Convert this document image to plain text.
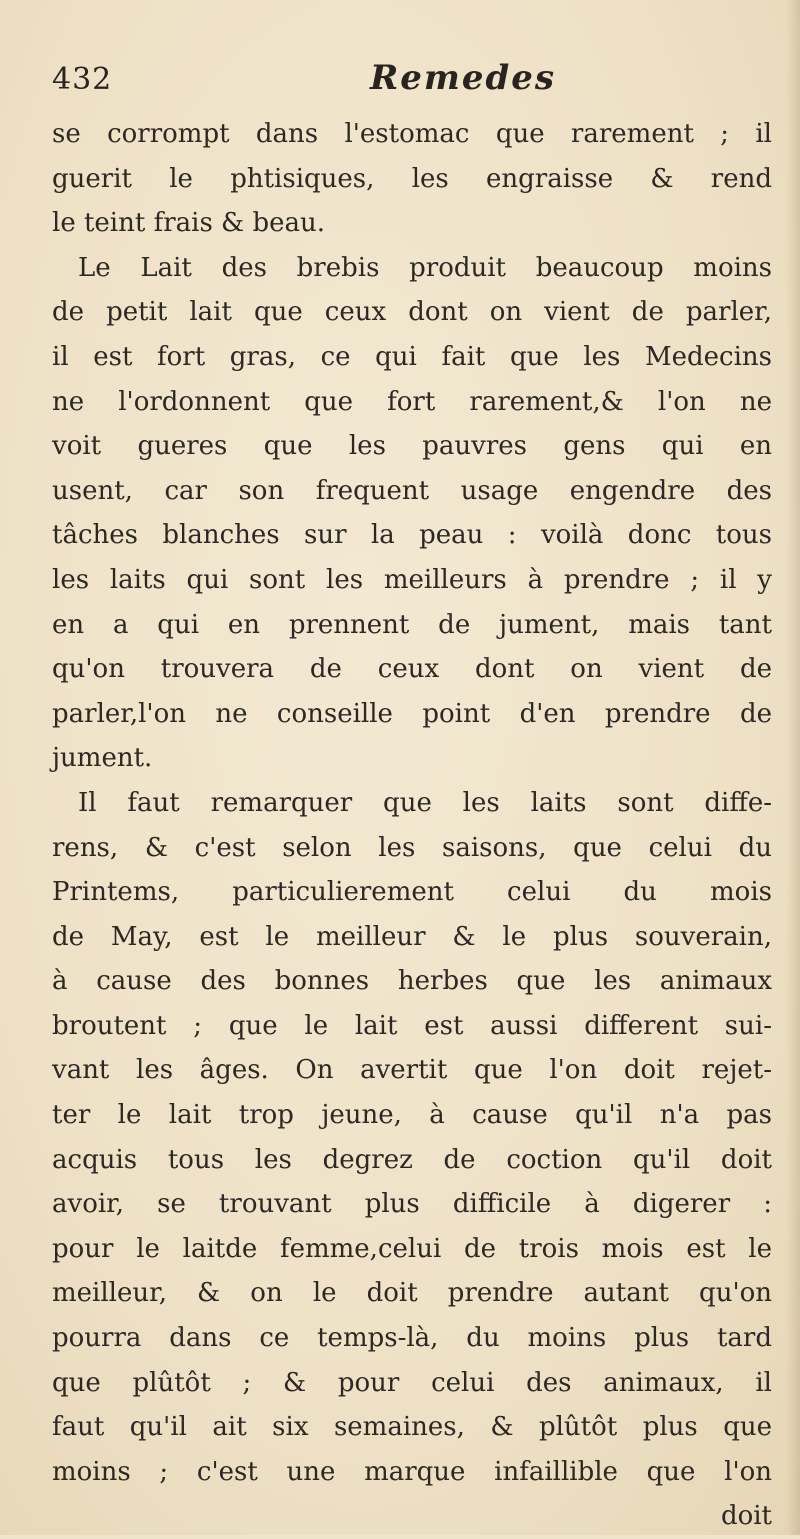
432	Remedes
se corrompt dans l'estomac que rarement ; il
guerit le phtisiques, les engraisse & rend
le teint frais & beau.
Le Lait des brebis produit beaucoup moins
de petit lait que ceux dont on vient de parler,
il est fort gras, ce qui fait que les Medecins
ne l'ordonnent que fort rarement,& l'on ne
voit gueres que les pauvres gens qui en
usent, car son frequent usage engendre des
tâches blanches sur la peau : voilà donc tous
les laits qui sont les meilleurs à prendre ; il y
en a qui en prennent de jument, mais tant
qu'on trouvera de ceux dont on vient de
parler,l'on ne conseille point d'en prendre de
jument.
Il faut remarquer que les laits sont diffe-
rens, & c'est selon les saisons, que celui du
Printems, particulierement celui du mois
de May, est le meilleur & le plus souverain,
à cause des bonnes herbes que les animaux
broutent ; que le lait est aussi different sui-
vant les âges. On avertit que l'on doit rejet-
ter le lait trop jeune, à cause qu'il n'a pas
acquis tous les degrez de coction qu'il doit
avoir, se trouvant plus difficile à digerer :
pour le laitde femme,celui de trois mois est le
meilleur, & on le doit prendre autant qu'on
pourra dans ce temps-là, du moins plus tard
que plûtôt ; & pour celui des animaux, il
faut qu'il ait six semaines, & plûtôt plus que
moins ; c'est une marque infaillible que l'on
doit
